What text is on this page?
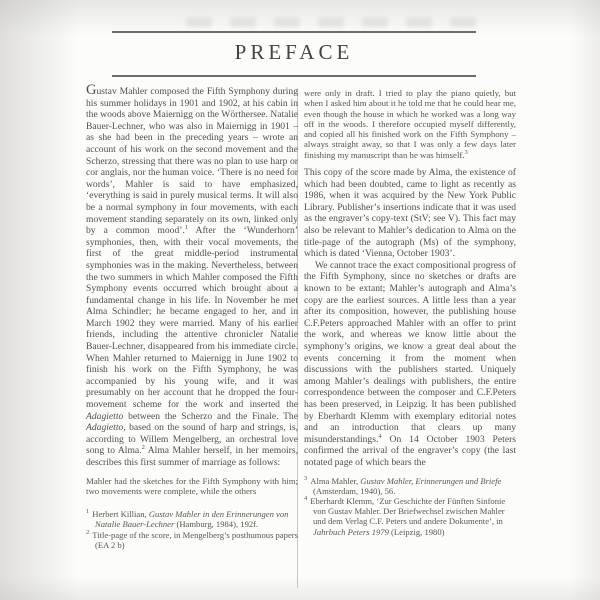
PREFACE

Gustav Mahler composed the Fifth Symphony during his summer holidays in 1901 and 1902, at his cabin in the woods above Maiernigg on the Wörthersee. Natalie Bauer-Lechner, who was also in Maiernigg in 1901 – as she had been in the preceding years – wrote an account of his work on the second movement and the Scherzo, stressing that there was no plan to use harp or cor anglais, nor the human voice. ‘There is no need for words’, Mahler is said to have emphasized, ‘everything is said in purely musical terms. It will also be a normal symphony in four movements, with each movement standing separately on its own, linked only by a common mood’.$^1$ After the ‘Wunderhorn’ symphonies, then, with their vocal movements, the first of the great middle-period instrumental symphonies was in the making. Nevertheless, between the two summers in which Mahler composed the Fifth Symphony events occurred which brought about a fundamental change in his life. In November he met Alma Schindler; he became engaged to her, and in March 1902 they were married. Many of his earlier friends, including the attentive chronicler Natalie Bauer-Lechner, disappeared from his immediate circle. When Mahler returned to Maiernigg in June 1902 to finish his work on the Fifth Symphony, he was accompanied by his young wife, and it was presumably on her account that he dropped the four-movement scheme for the work and inserted the Adagietto between the Scherzo and the Finale. The Adagietto, based on the sound of harp and strings, is, according to Willem Mengelberg, an orchestral love song to Alma.$^2$ Alma Mahler herself, in her memoirs, describes this first summer of marriage as follows:

Mahler had the sketches for the Fifth Symphony with him; two movements were complete, while the others

$^1$ Herbert Killian, Gustav Mahler in den Erinnerungen von Natalie Bauer-Lechner (Hamburg, 1984), 192f.

$^2$ Title-page of the score, in Mengelberg’s posthumous papers (EA 2 b)

were only in draft. I tried to play the piano quietly, but when I asked him about it he told me that he could hear me, even though the house in which he worked was a long way off in the woods. I therefore occupied myself differently, and copied all his finished work on the Fifth Symphony – always straight away, so that I was only a few days later finishing my manuscript than he was himself.$^3$

This copy of the score made by Alma, the existence of which had been doubted, came to light as recently as 1986, when it was acquired by the New York Public Library. Publisher’s insertions indicate that it was used as the engraver’s copy-text (StV; see V). This fact may also be relevant to Mahler’s dedication to Alma on the title-page of the autograph (Ms) of the symphony, which is dated ‘Vienna, October 1903’.

We cannot trace the exact compositional progress of the Fifth Symphony, since no sketches or drafts are known to be extant; Mahler’s autograph and Alma’s copy are the earliest sources. A little less than a year after its composition, however, the publishing house C.F.Peters approached Mahler with an offer to print the work, and whereas we know little about the symphony’s origins, we know a great deal about the events concerning it from the moment when discussions with the publishers started. Uniquely among Mahler’s dealings with publishers, the entire correspondence between the composer and C.F.Peters has been preserved, in Leipzig. It has been published by Eberhardt Klemm with exemplary editorial notes and an introduction that clears up many misunderstandings.$^4$ On 14 October 1903 Peters confirmed the arrival of the engraver’s copy (the last notated page of which bears the

$^3$ Alma Mahler, Gustav Mahler, Erinnerungen und Briefe (Amsterdam, 1940), 56.

$^4$ Eberhardt Klemm, ‘Zur Geschichte der Fünften Sinfonie von Gustav Mahler. Der Briefwechsel zwischen Mahler und dem Verlag C.F. Peters und andere Dokumente’, in Jahrbuch Peters 1979 (Leipzig, 1980)
